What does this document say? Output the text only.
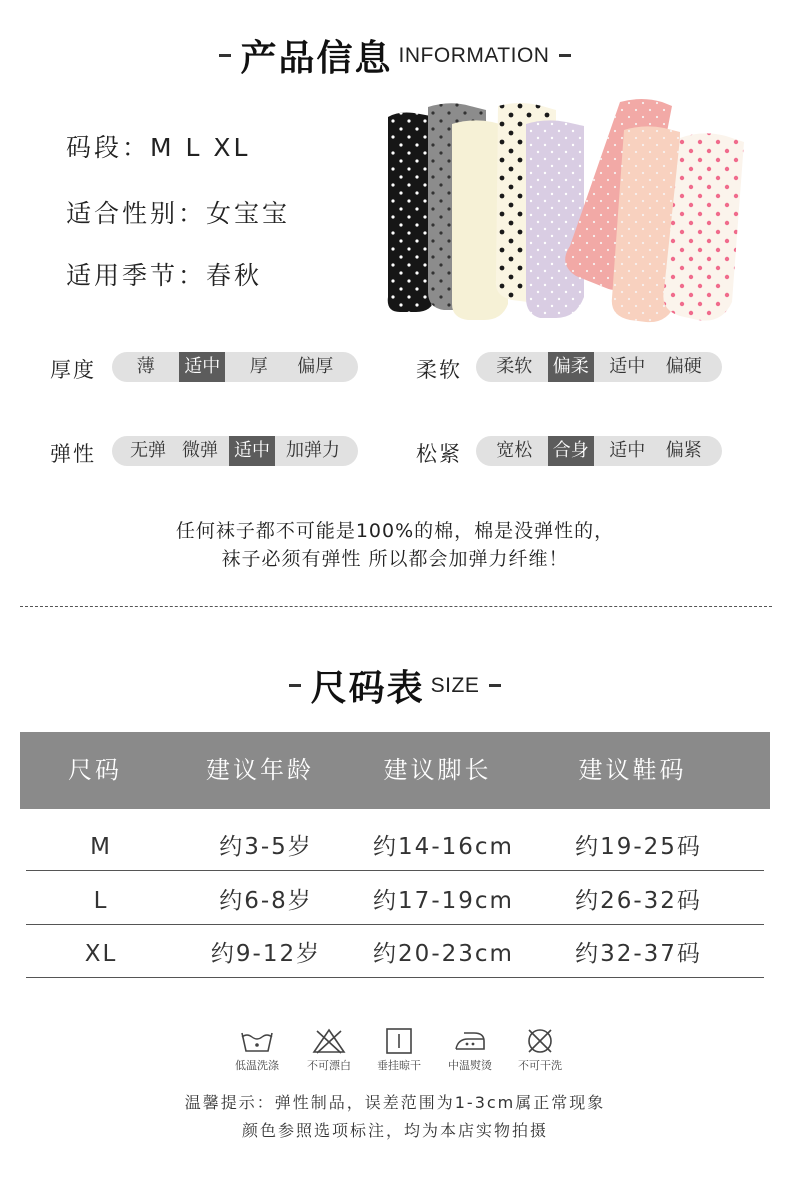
产品信息 INFORMATION
码段：M L XL
适合性别：女宝宝
适用季节：春秋
厚度 薄 适中 厚 偏厚	柔软 柔软 偏柔 适中 偏硬
弹性 无弹 微弹 适中 加弹力	松紧 宽松 合身 适中 偏紧
任何袜子都不可能是100%的棉，棉是没弹性的，
袜子必须有弹性 所以都会加弹力纤维！
尺码表 SIZE
尺码	建议年龄	建议脚长	建议鞋码
M	约3-5岁	约14-16cm	约19-25码
L	约6-8岁	约17-19cm	约26-32码
XL	约9-12岁	约20-23cm	约32-37码
低温洗涤	不可漂白	垂挂晾干	中温熨烫	不可干洗
温馨提示：弹性制品，误差范围为1-3cm属正常现象
颜色参照选项标注，均为本店实物拍摄
